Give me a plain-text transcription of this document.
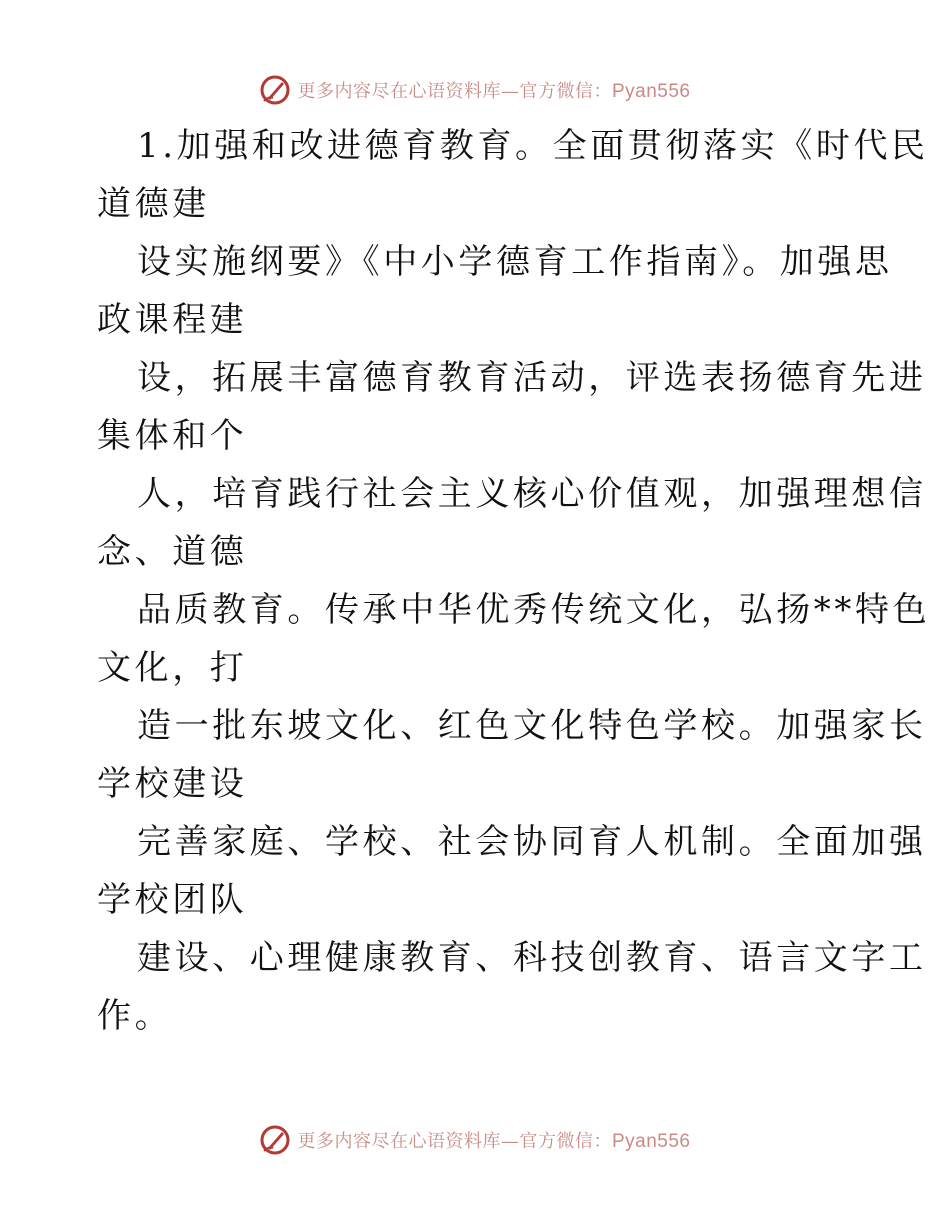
更多内容尽在心语资料库—官方微信：Pyan556
1.加强和改进德育教育。全面贯彻落实《时代民
道德建
设实施纲要》《中小学德育工作指南》。加强思
政课程建
设，拓展丰富德育教育活动，评选表扬德育先进
集体和个
人，培育践行社会主义核心价值观，加强理想信
念、道德
品质教育。传承中华优秀传统文化，弘扬**特色
文化，打
造一批东坡文化、红色文化特色学校。加强家长
学校建设
完善家庭、学校、社会协同育人机制。全面加强
学校团队
建设、心理健康教育、科技创教育、语言文字工
作。
更多内容尽在心语资料库—官方微信：Pyan556
